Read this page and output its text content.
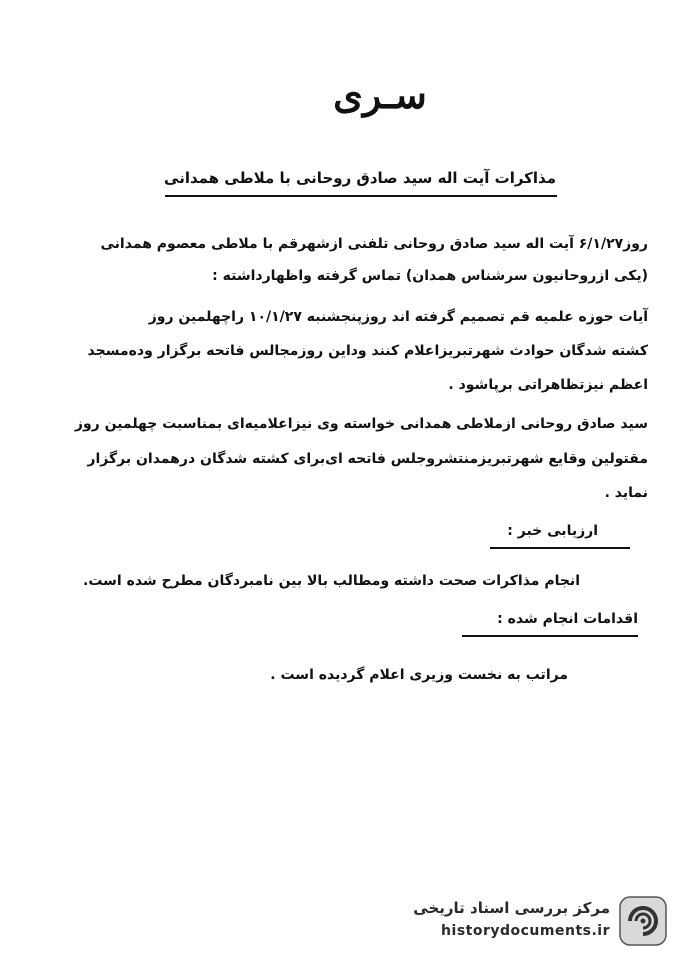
سـرى
مذاكرات آيت اله سيد صادق روحانى با ملاطى همدانى
روز۶/۱/۲۷ آيت اله سيد صادق روحانى تلفنى ازشهرقم با ملاطى معصوم همدانى
(يكى ازروحانيون سرشناس همدان) تماس گرفته واظهارداشته :
آيات حوزه علميه قم تصميم گرفته اند روزپنجشنبه ۱۰/۱/۲۷ راچهلمين روز
كشته شدگان حوادث شهرتبريزاعلام كنند وداين روزمجالس فاتحه برگزار وده‌مسجد
اعظم نيزتظاهراتى برپاشود .
سيد صادق روحانى ازملاطى همدانى خواسته وى نيزاعلاميه‌اى بمناسبت چهلمين روز
مقتولين وقايع شهرتبريزمنتشروجلس فاتحه اى‌براى كشته شدگان درهمدان برگزار
نمايد .
ارزيابى خبر :
انجام مذاكرات صحت داشته ومطالب بالا بين نامبردگان مطرح شده است.
اقدامات انجام شده :
مراتب به نخست وزيرى اعلام گرديده است .
مرکز بررسی اسناد تاریخی
historydocuments.ir
